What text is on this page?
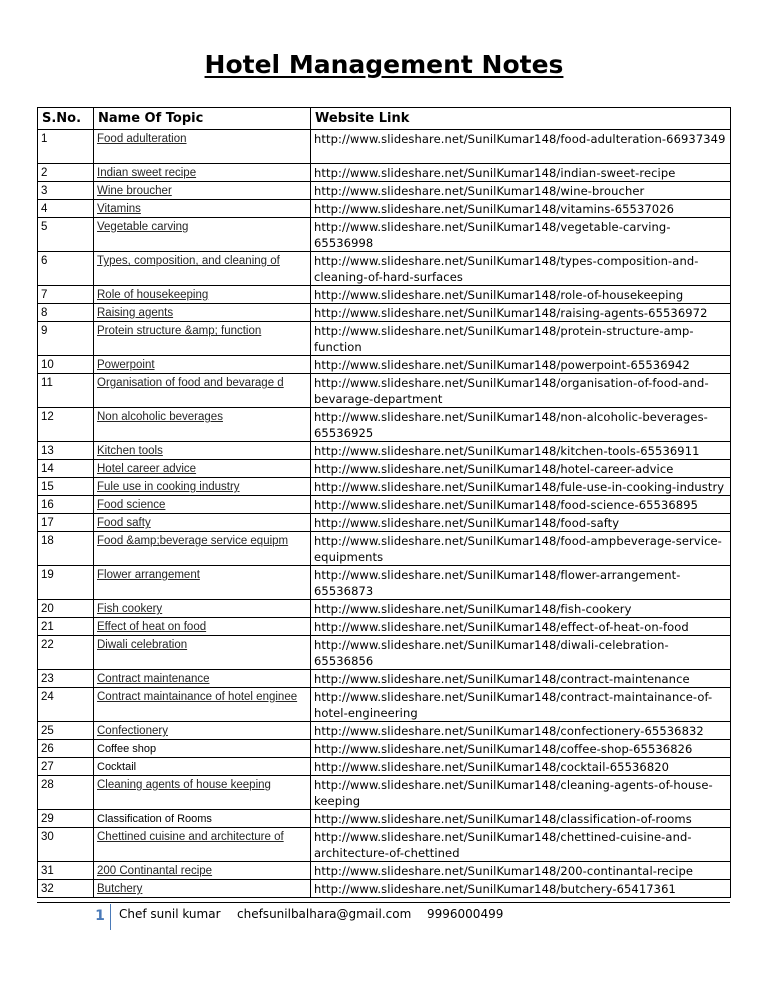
Hotel Management Notes
S.No.	Name Of Topic	Website Link
1	Food adulteration	http://www.slideshare.net/SunilKumar148/food-adulteration-66937349
2	Indian sweet recipe	http://www.slideshare.net/SunilKumar148/indian-sweet-recipe
3	Wine broucher	http://www.slideshare.net/SunilKumar148/wine-broucher
4	Vitamins	http://www.slideshare.net/SunilKumar148/vitamins-65537026
5	Vegetable carving	http://www.slideshare.net/SunilKumar148/vegetable-carving-65536998
6	Types, composition, and cleaning of	http://www.slideshare.net/SunilKumar148/types-composition-and-cleaning-of-hard-surfaces
7	Role of housekeeping	http://www.slideshare.net/SunilKumar148/role-of-housekeeping
8	Raising agents	http://www.slideshare.net/SunilKumar148/raising-agents-65536972
9	Protein structure &amp; function	http://www.slideshare.net/SunilKumar148/protein-structure-amp-function
10	Powerpoint	http://www.slideshare.net/SunilKumar148/powerpoint-65536942
11	Organisation of food and bevarage d	http://www.slideshare.net/SunilKumar148/organisation-of-food-and-bevarage-department
12	Non alcoholic beverages	http://www.slideshare.net/SunilKumar148/non-alcoholic-beverages-65536925
13	Kitchen tools	http://www.slideshare.net/SunilKumar148/kitchen-tools-65536911
14	Hotel career advice	http://www.slideshare.net/SunilKumar148/hotel-career-advice
15	Fule use in cooking industry	http://www.slideshare.net/SunilKumar148/fule-use-in-cooking-industry
16	Food science	http://www.slideshare.net/SunilKumar148/food-science-65536895
17	Food safty	http://www.slideshare.net/SunilKumar148/food-safty
18	Food &amp;beverage service equipm	http://www.slideshare.net/SunilKumar148/food-ampbeverage-service-equipments
19	Flower arrangement	http://www.slideshare.net/SunilKumar148/flower-arrangement-65536873
20	Fish cookery	http://www.slideshare.net/SunilKumar148/fish-cookery
21	Effect of heat on food	http://www.slideshare.net/SunilKumar148/effect-of-heat-on-food
22	Diwali celebration	http://www.slideshare.net/SunilKumar148/diwali-celebration-65536856
23	Contract maintenance	http://www.slideshare.net/SunilKumar148/contract-maintenance
24	Contract maintainance of hotel enginee	http://www.slideshare.net/SunilKumar148/contract-maintainance-of-hotel-engineering
25	Confectionery	http://www.slideshare.net/SunilKumar148/confectionery-65536832
26	Coffee shop	http://www.slideshare.net/SunilKumar148/coffee-shop-65536826
27	Cocktail	http://www.slideshare.net/SunilKumar148/cocktail-65536820
28	Cleaning agents of house keeping	http://www.slideshare.net/SunilKumar148/cleaning-agents-of-house-keeping
29	Classification of Rooms	http://www.slideshare.net/SunilKumar148/classification-of-rooms
30	Chettined cuisine and architecture of	http://www.slideshare.net/SunilKumar148/chettined-cuisine-and-architecture-of-chettined
31	200 Continantal recipe	http://www.slideshare.net/SunilKumar148/200-continantal-recipe
32	Butchery	http://www.slideshare.net/SunilKumar148/butchery-65417361
1	Chef sunil kumar chefsunilbalhara@gmail.com 9996000499
